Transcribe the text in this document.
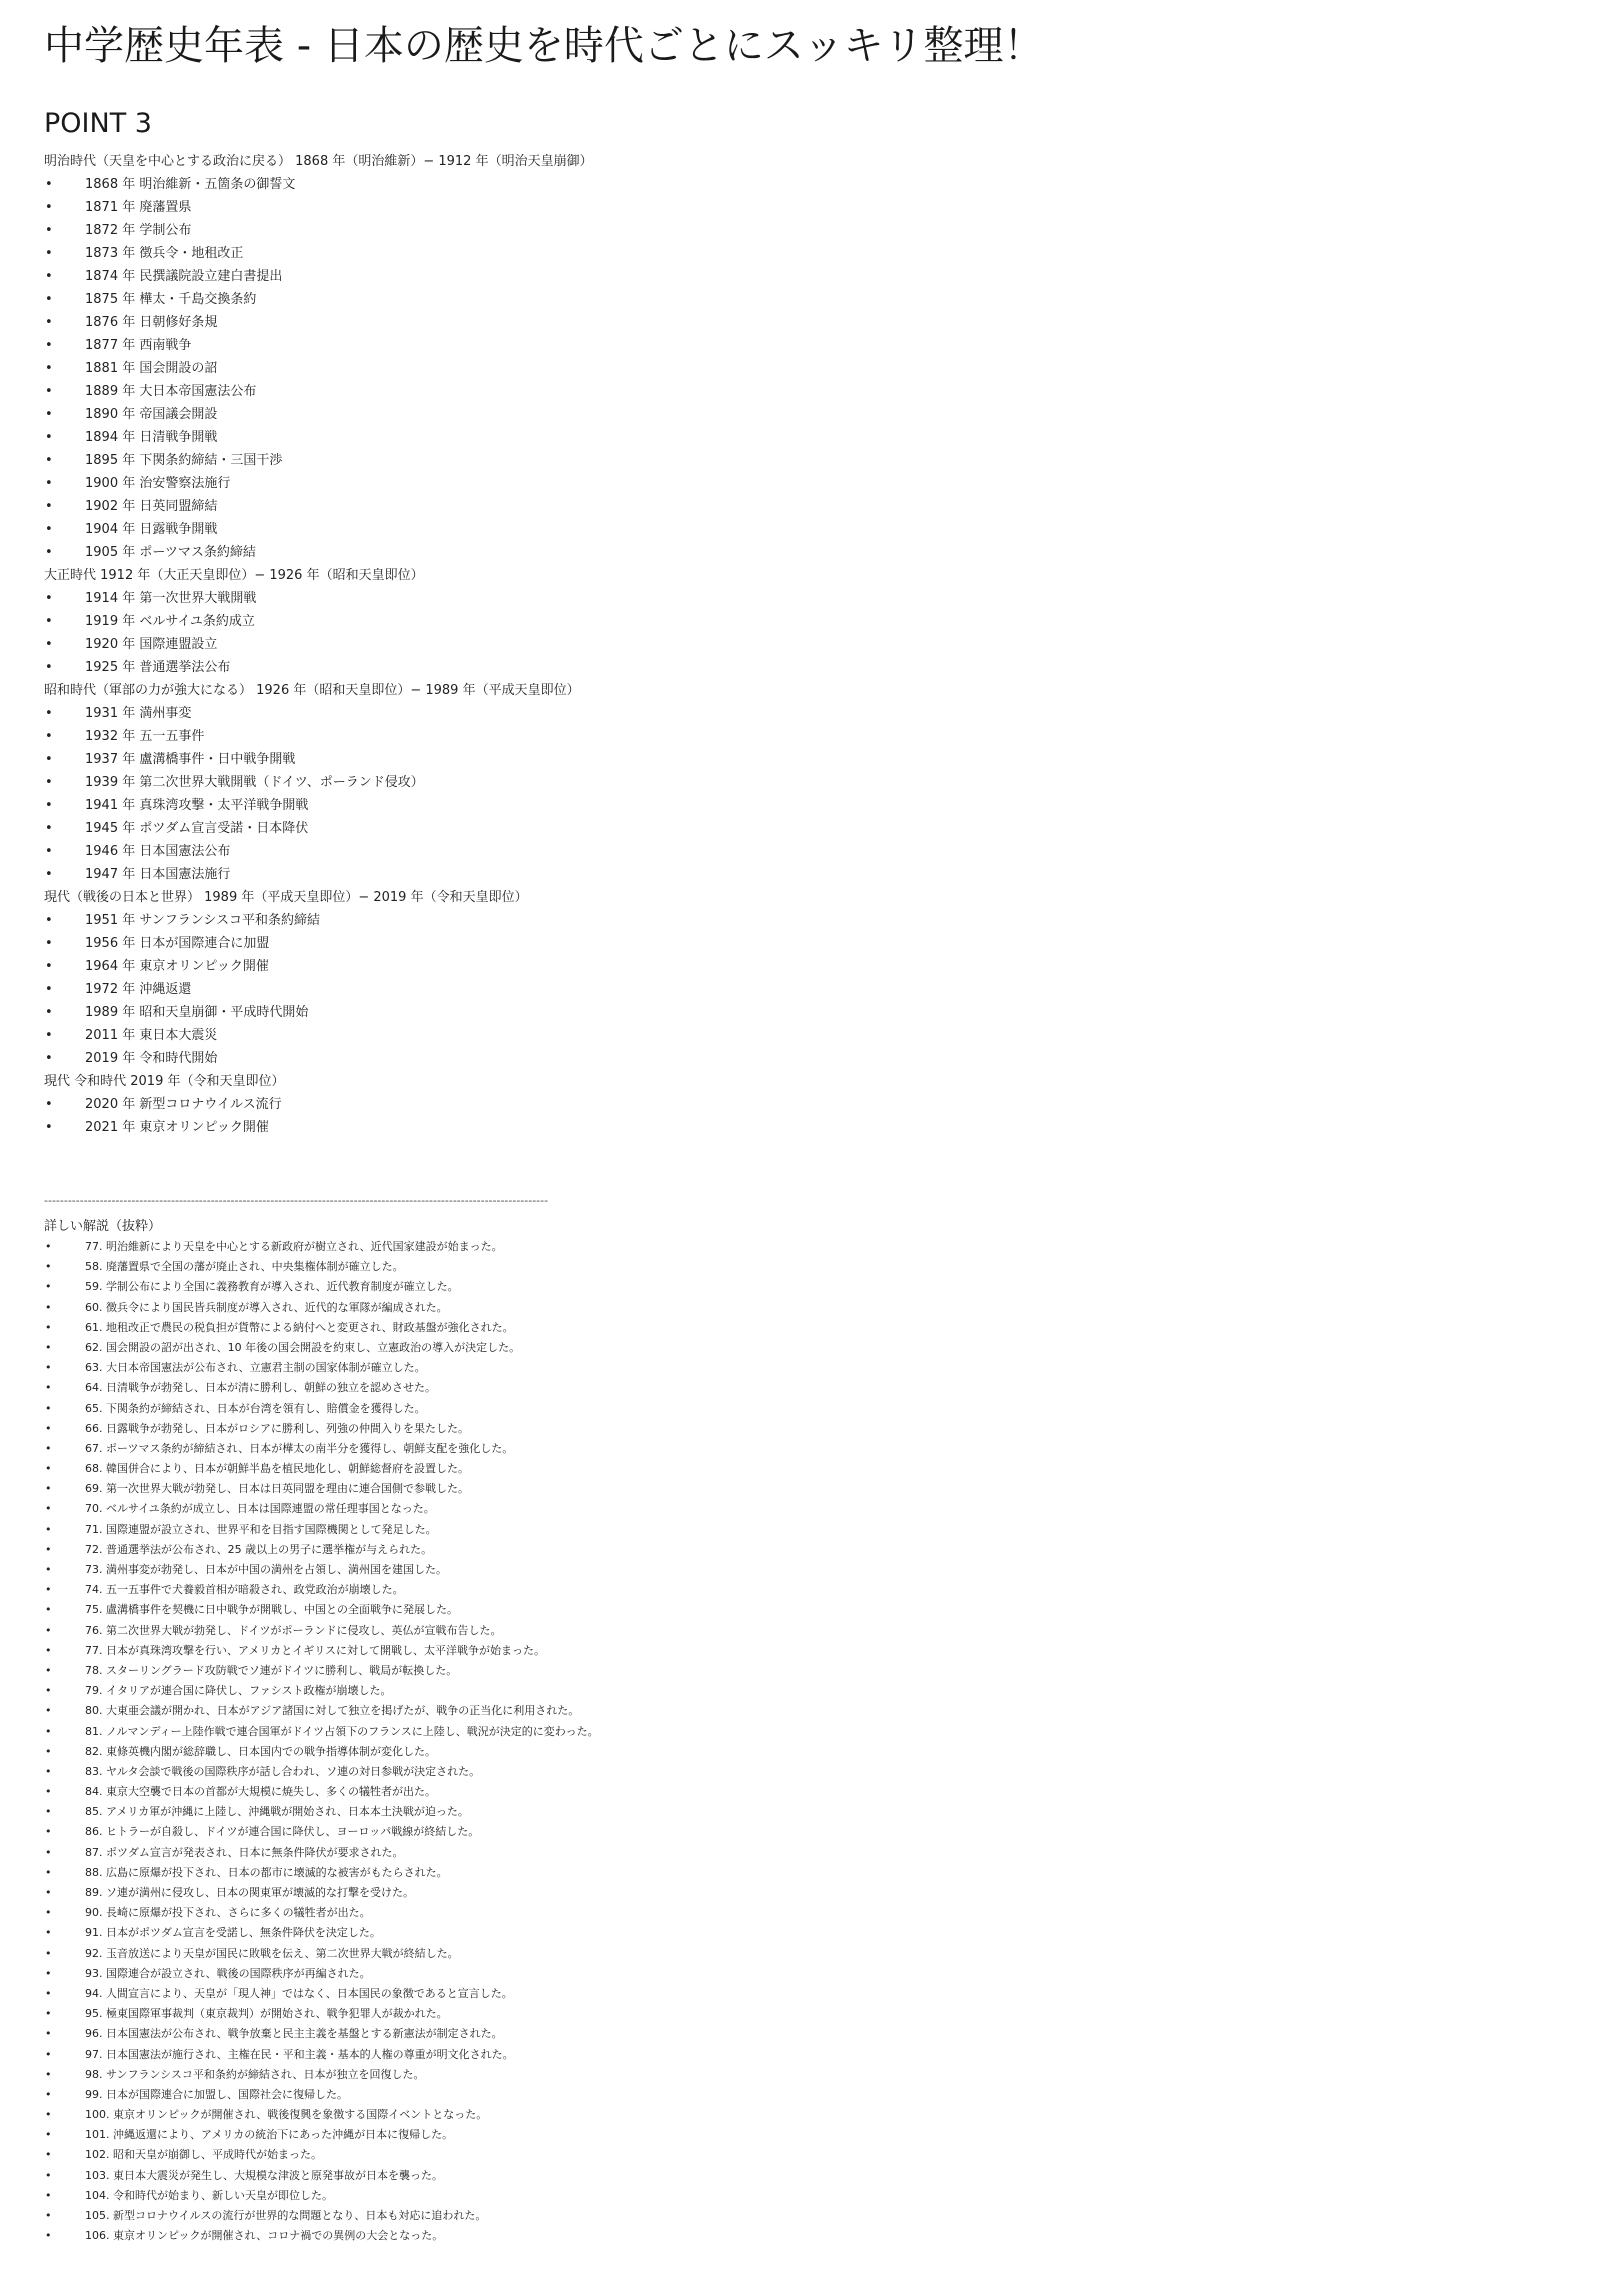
中学歴史年表 - 日本の歴史を時代ごとにスッキリ整理！
POINT 3
明治時代（天皇を中心とする政治に戻る） 1868 年（明治維新）− 1912 年（明治天皇崩御）
• 1868 年 明治維新・五箇条の御誓文
• 1871 年 廃藩置県
• 1872 年 学制公布
• 1873 年 徴兵令・地租改正
• 1874 年 民撰議院設立建白書提出
• 1875 年 樺太・千島交換条約
• 1876 年 日朝修好条規
• 1877 年 西南戦争
• 1881 年 国会開設の詔
• 1889 年 大日本帝国憲法公布
• 1890 年 帝国議会開設
• 1894 年 日清戦争開戦
• 1895 年 下関条約締結・三国干渉
• 1900 年 治安警察法施行
• 1902 年 日英同盟締結
• 1904 年 日露戦争開戦
• 1905 年 ポーツマス条約締結
大正時代 1912 年（大正天皇即位）− 1926 年（昭和天皇即位）
• 1914 年 第一次世界大戦開戦
• 1919 年 ベルサイユ条約成立
• 1920 年 国際連盟設立
• 1925 年 普通選挙法公布
昭和時代（軍部の力が強大になる） 1926 年（昭和天皇即位）− 1989 年（平成天皇即位）
• 1931 年 満州事変
• 1932 年 五一五事件
• 1937 年 盧溝橋事件・日中戦争開戦
• 1939 年 第二次世界大戦開戦（ドイツ、ポーランド侵攻）
• 1941 年 真珠湾攻撃・太平洋戦争開戦
• 1945 年 ポツダム宣言受諾・日本降伏
• 1946 年 日本国憲法公布
• 1947 年 日本国憲法施行
現代（戦後の日本と世界） 1989 年（平成天皇即位）− 2019 年（令和天皇即位）
• 1951 年 サンフランシスコ平和条約締結
• 1956 年 日本が国際連合に加盟
• 1964 年 東京オリンピック開催
• 1972 年 沖縄返還
• 1989 年 昭和天皇崩御・平成時代開始
• 2011 年 東日本大震災
• 2019 年 令和時代開始
現代 令和時代 2019 年（令和天皇即位）
• 2020 年 新型コロナウイルス流行
• 2021 年 東京オリンピック開催
-------------------------------------------------------------------------------------------------------------------------------
詳しい解説（抜粋）
•	77. 明治維新により天皇を中心とする新政府が樹立され、近代国家建設が始まった。
•	58. 廃藩置県で全国の藩が廃止され、中央集権体制が確立した。
•	59. 学制公布により全国に義務教育が導入され、近代教育制度が確立した。
•	60. 徴兵令により国民皆兵制度が導入され、近代的な軍隊が編成された。
•	61. 地租改正で農民の税負担が貨幣による納付へと変更され、財政基盤が強化された。
•	62. 国会開設の詔が出され、10 年後の国会開設を約束し、立憲政治の導入が決定した。
•	63. 大日本帝国憲法が公布され、立憲君主制の国家体制が確立した。
•	64. 日清戦争が勃発し、日本が清に勝利し、朝鮮の独立を認めさせた。
•	65. 下関条約が締結され、日本が台湾を領有し、賠償金を獲得した。
•	66. 日露戦争が勃発し、日本がロシアに勝利し、列強の仲間入りを果たした。
•	67. ポーツマス条約が締結され、日本が樺太の南半分を獲得し、朝鮮支配を強化した。
•	68. 韓国併合により、日本が朝鮮半島を植民地化し、朝鮮総督府を設置した。
•	69. 第一次世界大戦が勃発し、日本は日英同盟を理由に連合国側で参戦した。
•	70. ベルサイユ条約が成立し、日本は国際連盟の常任理事国となった。
•	71. 国際連盟が設立され、世界平和を目指す国際機関として発足した。
•	72. 普通選挙法が公布され、25 歳以上の男子に選挙権が与えられた。
•	73. 満州事変が勃発し、日本が中国の満州を占領し、満州国を建国した。
•	74. 五一五事件で犬養毅首相が暗殺され、政党政治が崩壊した。
•	75. 盧溝橋事件を契機に日中戦争が開戦し、中国との全面戦争に発展した。
•	76. 第二次世界大戦が勃発し、ドイツがポーランドに侵攻し、英仏が宣戦布告した。
•	77. 日本が真珠湾攻撃を行い、アメリカとイギリスに対して開戦し、太平洋戦争が始まった。
•	78. スターリングラード攻防戦でソ連がドイツに勝利し、戦局が転換した。
•	79. イタリアが連合国に降伏し、ファシスト政権が崩壊した。
•	80. 大東亜会議が開かれ、日本がアジア諸国に対して独立を掲げたが、戦争の正当化に利用された。
•	81. ノルマンディー上陸作戦で連合国軍がドイツ占領下のフランスに上陸し、戦況が決定的に変わった。
•	82. 東條英機内閣が総辞職し、日本国内での戦争指導体制が変化した。
•	83. ヤルタ会談で戦後の国際秩序が話し合われ、ソ連の対日参戦が決定された。
•	84. 東京大空襲で日本の首都が大規模に焼失し、多くの犠牲者が出た。
•	85. アメリカ軍が沖縄に上陸し、沖縄戦が開始され、日本本土決戦が迫った。
•	86. ヒトラーが自殺し、ドイツが連合国に降伏し、ヨーロッパ戦線が終結した。
•	87. ポツダム宣言が発表され、日本に無条件降伏が要求された。
•	88. 広島に原爆が投下され、日本の都市に壊滅的な被害がもたらされた。
•	89. ソ連が満州に侵攻し、日本の関東軍が壊滅的な打撃を受けた。
•	90. 長崎に原爆が投下され、さらに多くの犠牲者が出た。
•	91. 日本がポツダム宣言を受諾し、無条件降伏を決定した。
•	92. 玉音放送により天皇が国民に敗戦を伝え、第二次世界大戦が終結した。
•	93. 国際連合が設立され、戦後の国際秩序が再編された。
•	94. 人間宣言により、天皇が「現人神」ではなく、日本国民の象徴であると宣言した。
•	95. 極東国際軍事裁判（東京裁判）が開始され、戦争犯罪人が裁かれた。
•	96. 日本国憲法が公布され、戦争放棄と民主主義を基盤とする新憲法が制定された。
•	97. 日本国憲法が施行され、主権在民・平和主義・基本的人権の尊重が明文化された。
•	98. サンフランシスコ平和条約が締結され、日本が独立を回復した。
•	99. 日本が国際連合に加盟し、国際社会に復帰した。
•	100. 東京オリンピックが開催され、戦後復興を象徴する国際イベントとなった。
•	101. 沖縄返還により、アメリカの統治下にあった沖縄が日本に復帰した。
•	102. 昭和天皇が崩御し、平成時代が始まった。
•	103. 東日本大震災が発生し、大規模な津波と原発事故が日本を襲った。
•	104. 令和時代が始まり、新しい天皇が即位した。
•	105. 新型コロナウイルスの流行が世界的な問題となり、日本も対応に追われた。
•	106. 東京オリンピックが開催され、コロナ禍での異例の大会となった。
